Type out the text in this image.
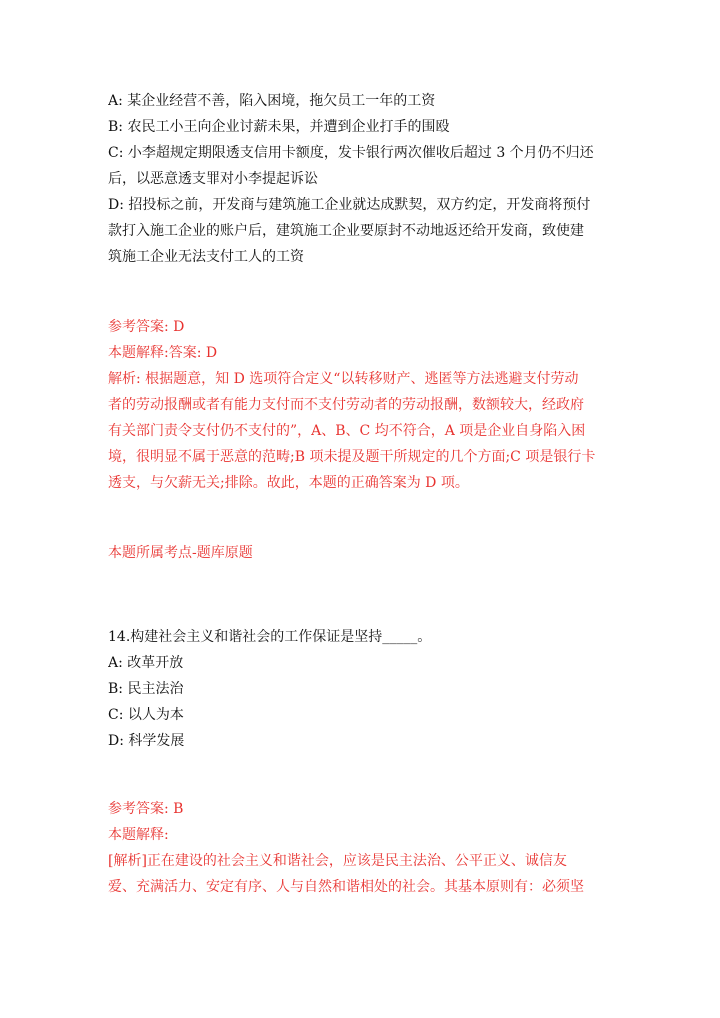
A: 某企业经营不善，陷入困境，拖欠员工一年的工资
B: 农民工小王向企业讨薪未果，并遭到企业打手的围殴
C: 小李超规定期限透支信用卡额度，发卡银行两次催收后超过 3 个月仍不归还
后，以恶意透支罪对小李提起诉讼
D: 招投标之前，开发商与建筑施工企业就达成默契，双方约定，开发商将预付
款打入施工企业的账户后，建筑施工企业要原封不动地返还给开发商，致使建
筑施工企业无法支付工人的工资
参考答案: D
本题解释:答案: D
解析: 根据题意，知 D 选项符合定义“以转移财产、逃匿等方法逃避支付劳动
者的劳动报酬或者有能力支付而不支付劳动者的劳动报酬，数额较大，经政府
有关部门责令支付仍不支付的”，A、B、C 均不符合，A 项是企业自身陷入困
境，很明显不属于恶意的范畴;B 项未提及题干所规定的几个方面;C 项是银行卡
透支，与欠薪无关;排除。故此，本题的正确答案为 D 项。
本题所属考点-题库原题
14.构建社会主义和谐社会的工作保证是坚持_____。
A: 改革开放
B: 民主法治
C: 以人为本
D: 科学发展
参考答案: B
本题解释:
[解析]正在建设的社会主义和谐社会，应该是民主法治、公平正义、诚信友
爱、充满活力、安定有序、人与自然和谐相处的社会。其基本原则有：必须坚
